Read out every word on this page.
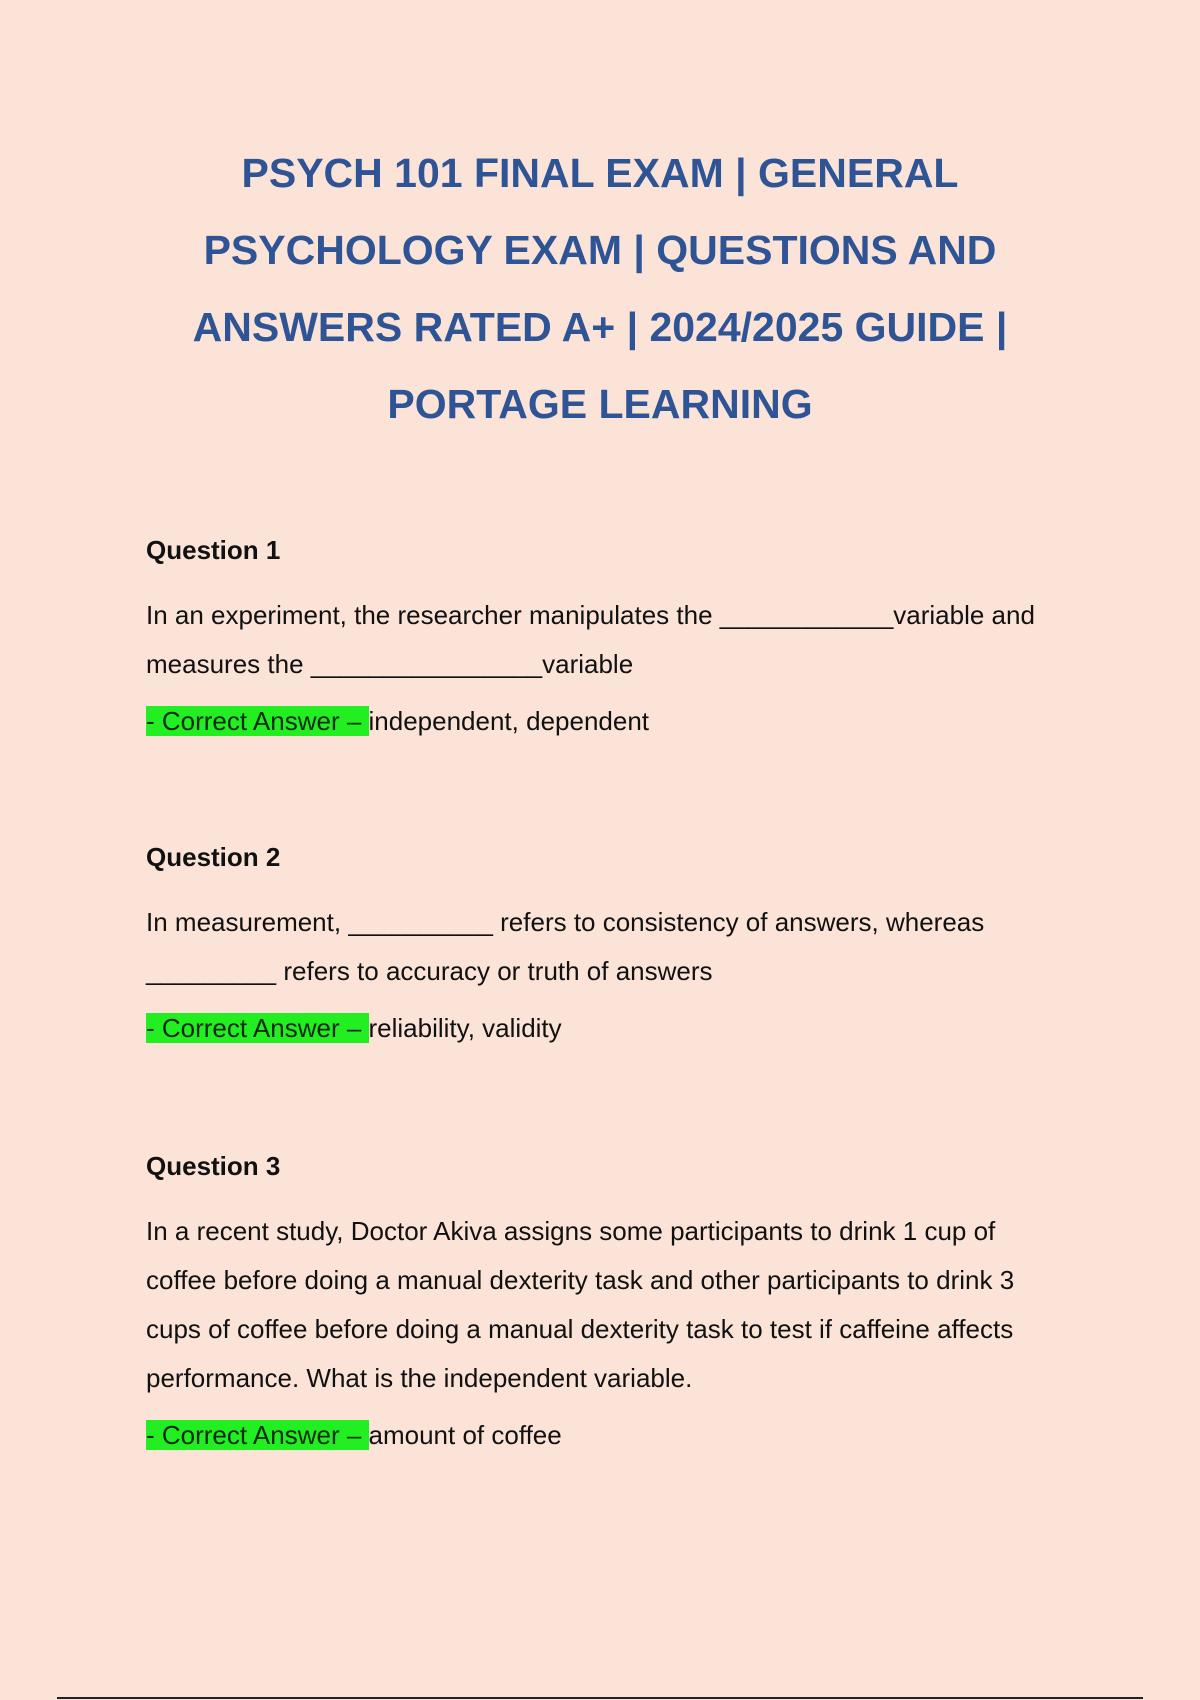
PSYCH 101 FINAL EXAM | GENERAL PSYCHOLOGY EXAM | QUESTIONS AND ANSWERS RATED A+ | 2024/2025 GUIDE | PORTAGE LEARNING
Question 1
In an experiment, the researcher manipulates the ____________variable and measures the ________________variable
- Correct Answer – independent, dependent
Question 2
In measurement, __________ refers to consistency of answers, whereas _________ refers to accuracy or truth of answers
- Correct Answer – reliability, validity
Question 3
In a recent study, Doctor Akiva assigns some participants to drink 1 cup of coffee before doing a manual dexterity task and other participants to drink 3 cups of coffee before doing a manual dexterity task to test if caffeine affects performance. What is the independent variable.
- Correct Answer – amount of coffee
